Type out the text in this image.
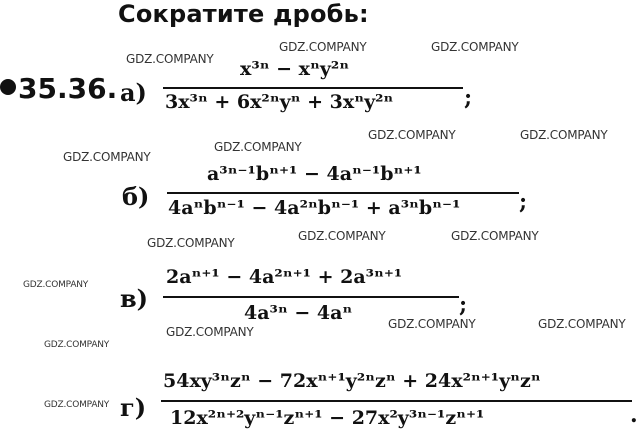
Сократите дробь:
35.36. а)
x³ⁿ − xⁿy²ⁿ
3x³ⁿ + 6x²ⁿyⁿ + 3xⁿy²ⁿ	;
б)
a³ⁿ⁻¹bⁿ⁺¹ − 4aⁿ⁻¹bⁿ⁺¹
4aⁿbⁿ⁻¹ − 4a²ⁿbⁿ⁻¹ + a³ⁿbⁿ⁻¹	;
в)
2aⁿ⁺¹ − 4a²ⁿ⁺¹ + 2a³ⁿ⁺¹
4a³ⁿ − 4aⁿ	;
г)
54xy³ⁿzⁿ − 72xⁿ⁺¹y²ⁿzⁿ + 24x²ⁿ⁺¹yⁿzⁿ
12x²ⁿ⁺²yⁿ⁻¹zⁿ⁺¹ − 27x²y³ⁿ⁻¹zⁿ⁺¹	.
GDZ.COMPANY
GDZ.COMPANY	GDZ.COMPANY
GDZ.COMPANY
GDZ.COMPANY
GDZ.COMPANY	GDZ.COMPANY
GDZ.COMPANY	GDZ.COMPANY	GDZ.COMPANY
GDZ.COMPANY
GDZ.COMPANY
GDZ.COMPANY	GDZ.COMPANY
GDZ.COMPANY
GDZ.COMPANY
